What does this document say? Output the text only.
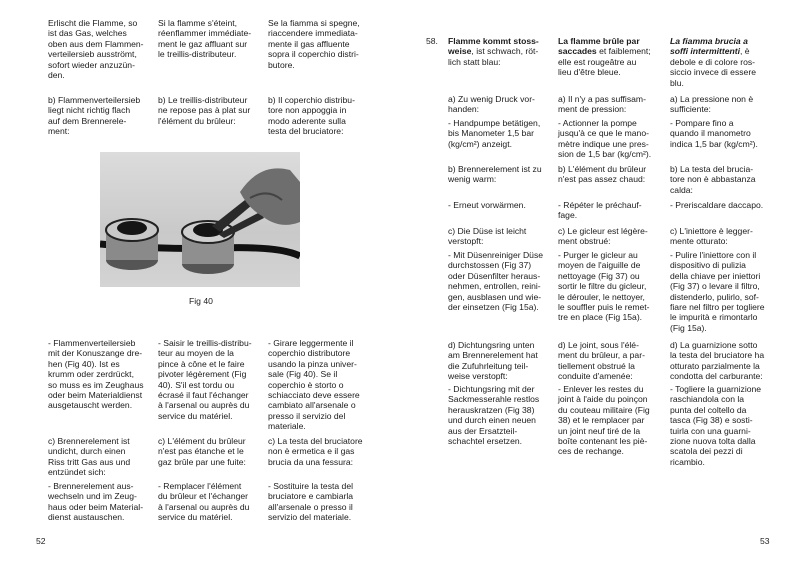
Erlischt die Flamme, so
ist das Gas, welches
oben aus dem Flammen-
verteilersieb ausströmt,
sofort wieder anzuzün-
den.

Si la flamme s'éteint,
réenflammer immédiate-
ment le gaz affluant sur
le treillis-distributeur.

Se la fiamma si spegne,
riaccendere immediata-
mente il gas affluente
sopra il coperchio distri-
butore.

b) Flammenverteilersieb
liegt nicht richtig flach
auf dem Brennerele-
ment:

b) Le treillis-distributeur
ne repose pas à plat sur
l'élément du brûleur:

b) Il coperchio distribu-
tore non appoggia in
modo aderente sulla
testa del bruciatore:

Fig 40

- Flammenverteilersieb
mit der Konuszange dre-
hen (Fig 40). Ist es
krumm oder zerdrückt,
so muss es im Zeughaus
oder beim Materialdienst
ausgetauscht werden.

- Saisir le treillis-distribu-
teur au moyen de la
pince à cône et le faire
pivoter légèrement (Fig
40). S'il est tordu ou
écrasé il faut l'échanger
à l'arsenal ou auprès du
service du matériel.

- Girare leggermente il
coperchio distributore
usando la pinza univer-
sale (Fig 40). Se il
coperchio è storto o
schiacciato deve essere
cambiato all'arsenale o
presso il servizio del
materiale.

c) Brennerelement ist
undicht, durch einen
Riss tritt Gas aus und
entzündet sich:

c) L'élément du brûleur
n'est pas étanche et le
gaz brûle par une fuite:

c) La testa del bruciatore
non è ermetica e il gas
brucia da una fessura:

- Brennerelement aus-
wechseln und im Zeug-
haus oder beim Material-
dienst austauschen.

- Remplacer l'élément
du brûleur et l'échanger
à l'arsenal ou auprès du
service du matériel.

- Sostituire la testa del
bruciatore e cambiarla
all'arsenale o presso il
servizio del materiale.

52
58. Flamme kommt stoss-
weise, ist schwach, röt-
lich statt blau:
La flamme brûle par
saccades et faiblement;
elle est rougeâtre au
lieu d'être bleue.
La fiamma brucia a
soffi intermittenti, è
debole e di colore ros-
siccio invece di essere
blu.

a) Zu wenig Druck vor-
handen:

a) Il n'y a pas suffisam-
ment de pression:

a) La pressione non è
sufficiente:

- Handpumpe betätigen,
bis Manometer 1,5 bar
(kg/cm²) anzeigt.

- Actionner la pompe
jusqu'à ce que le mano-
mètre indique une pres-
sion de 1,5 bar (kg/cm²).

- Pompare fino a
quando il manometro
indica 1,5 bar (kg/cm²).

b) Brennerelement ist zu
wenig warm:

b) L'élément du brûleur
n'est pas assez chaud:

b) La testa del brucia-
tore non è abbastanza
calda:

- Erneut vorwärmen.	- Répéter le préchauf-
fage.

- Preriscaldare daccapo.

c) Die Düse ist leicht
verstopft:

c) Le gicleur est légère-
ment obstrué:

c) L'iniettore è legger-
mente otturato:

- Mit Düsenreiniger Düse
durchstossen (Fig 37)
oder Düsenfilter heraus-
nehmen, entrollen, reini-
gen, ausblasen und wie-
der einsetzen (Fig 15a).

- Purger le gicleur au
moyen de l'aiguille de
nettoyage (Fig 37) ou
sortir le filtre du gicleur,
le dérouler, le nettoyer,
le souffler puis le remet-
tre en place (Fig 15a).

- Pulire l'iniettore con il
dispositivo di pulizia
della chiave per iniettori
(Fig 37) o levare il filtro,
distenderlo, pulirlo, sof-
fiare nel filtro per togliere
le impurità e rimontarlo
(Fig 15a).

d) Dichtungsring unten
am Brennerelement hat
die Zufuhrleitung teil-
weise verstopft:

d) Le joint, sous l'élé-
ment du brûleur, a par-
tiellement obstrué la
conduite d'amenée:

d) La guarnizione sotto
la testa del bruciatore ha
otturato parzialmente la
condotta del carburante:

- Dichtungsring mit der
Sackmesserahle restlos
herauskratzen (Fig 38)
und durch einen neuen
aus der Ersatzteil-
schachtel ersetzen.

- Enlever les restes du
joint à l'aide du poinçon
du couteau militaire (Fig
38) et le remplacer par
un joint neuf tiré de la
boîte contenant les piè-
ces de rechange.

- Togliere la guarnizione
raschiandola con la
punta del coltello da
tasca (Fig 38) e sosti-
tuirla con una guarni-
zione nuova tolta dalla
scatola dei pezzi di
ricambio.

53
